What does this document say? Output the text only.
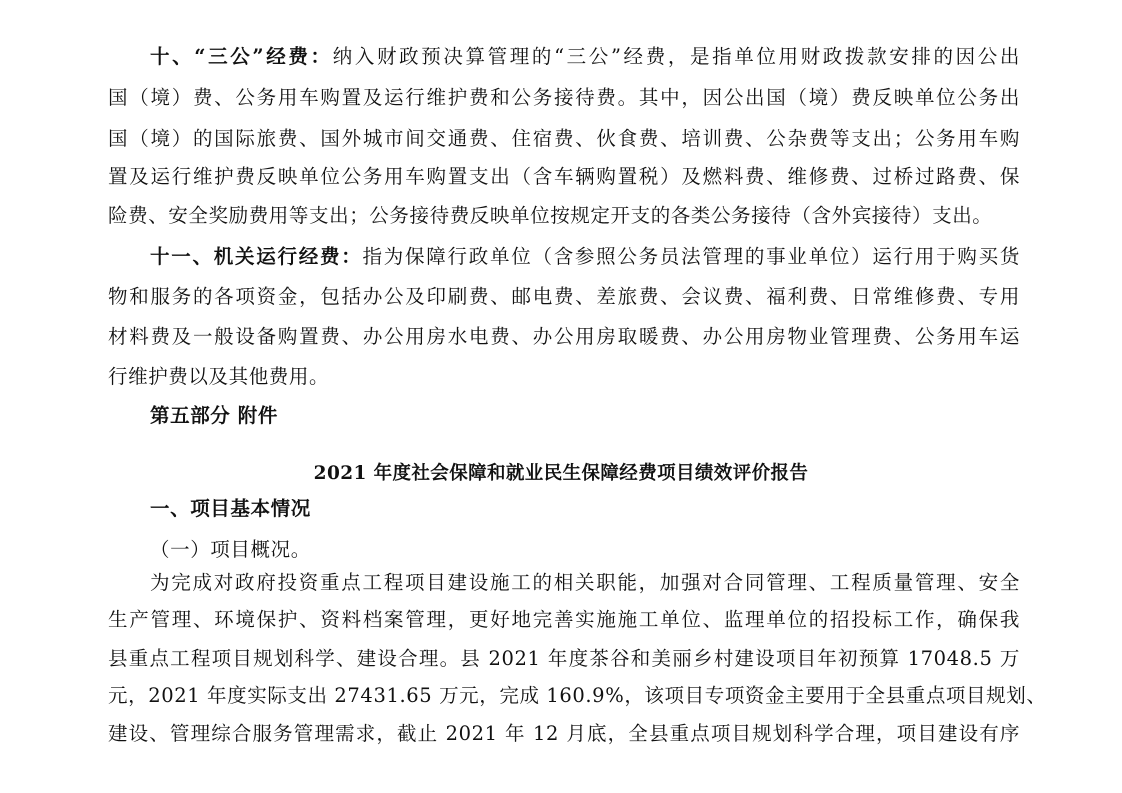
十、“三公”经费：纳入财政预决算管理的“三公”经费，是指单位用财政拨款安排的因公出
国（境）费、公务用车购置及运行维护费和公务接待费。其中，因公出国（境）费反映单位公务出
国（境）的国际旅费、国外城市间交通费、住宿费、伙食费、培训费、公杂费等支出；公务用车购
置及运行维护费反映单位公务用车购置支出（含车辆购置税）及燃料费、维修费、过桥过路费、保
险费、安全奖励费用等支出；公务接待费反映单位按规定开支的各类公务接待（含外宾接待）支出。
十一、机关运行经费：指为保障行政单位（含参照公务员法管理的事业单位）运行用于购买货
物和服务的各项资金，包括办公及印刷费、邮电费、差旅费、会议费、福利费、日常维修费、专用
材料费及一般设备购置费、办公用房水电费、办公用房取暖费、办公用房物业管理费、公务用车运
行维护费以及其他费用。
第五部分 附件
2021 年度社会保障和就业民生保障经费项目绩效评价报告
一、项目基本情况
（一）项目概况。
为完成对政府投资重点工程项目建设施工的相关职能，加强对合同管理、工程质量管理、安全
生产管理、环境保护、资料档案管理，更好地完善实施施工单位、监理单位的招投标工作，确保我
县重点工程项目规划科学、建设合理。县 2021 年度茶谷和美丽乡村建设项目年初预算 17048.5 万
元，2021 年度实际支出 27431.65 万元，完成 160.9%，该项目专项资金主要用于全县重点项目规划、
建设、管理综合服务管理需求，截止 2021 年 12 月底，全县重点项目规划科学合理，项目建设有序
